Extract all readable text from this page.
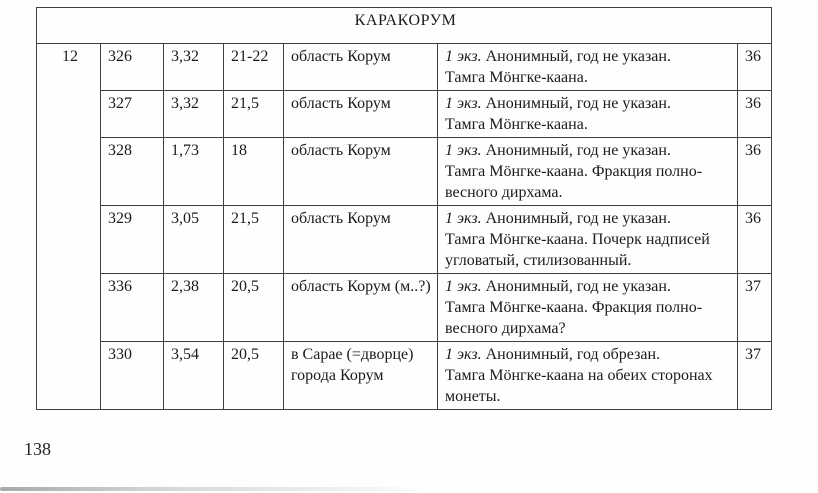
КАРАКОРУМ						
12	326	3,32	21-22	область Корум	1 экз. Анонимный, год не указан.
Тамга Мöнгке-каана.	36
	327	3,32	21,5	область Корум	1 экз. Анонимный, год не указан.
Тамга Мöнгке-каана.	36
	328	1,73	18	область Корум	1 экз. Анонимный, год не указан.
Тамга Мöнгке-каана. Фракция полно-
весного дирхама.	36
	329	3,05	21,5	область Корум	1 экз. Анонимный, год не указан.
Тамга Мöнгке-каана. Почерк надписей
угловатый, стилизованный.	36
	336	2,38	20,5	область Корум (м..?)	1 экз. Анонимный, год не указан.
Тамга Мöнгке-каана. Фракция полно-
весного дирхама?	37
	330	3,54	20,5	в Сарае (=дворце)
города Корум	1 экз. Анонимный, год обрезан.
Тамга Мöнгке-каана на обеих сторонах
монеты.	37
138
